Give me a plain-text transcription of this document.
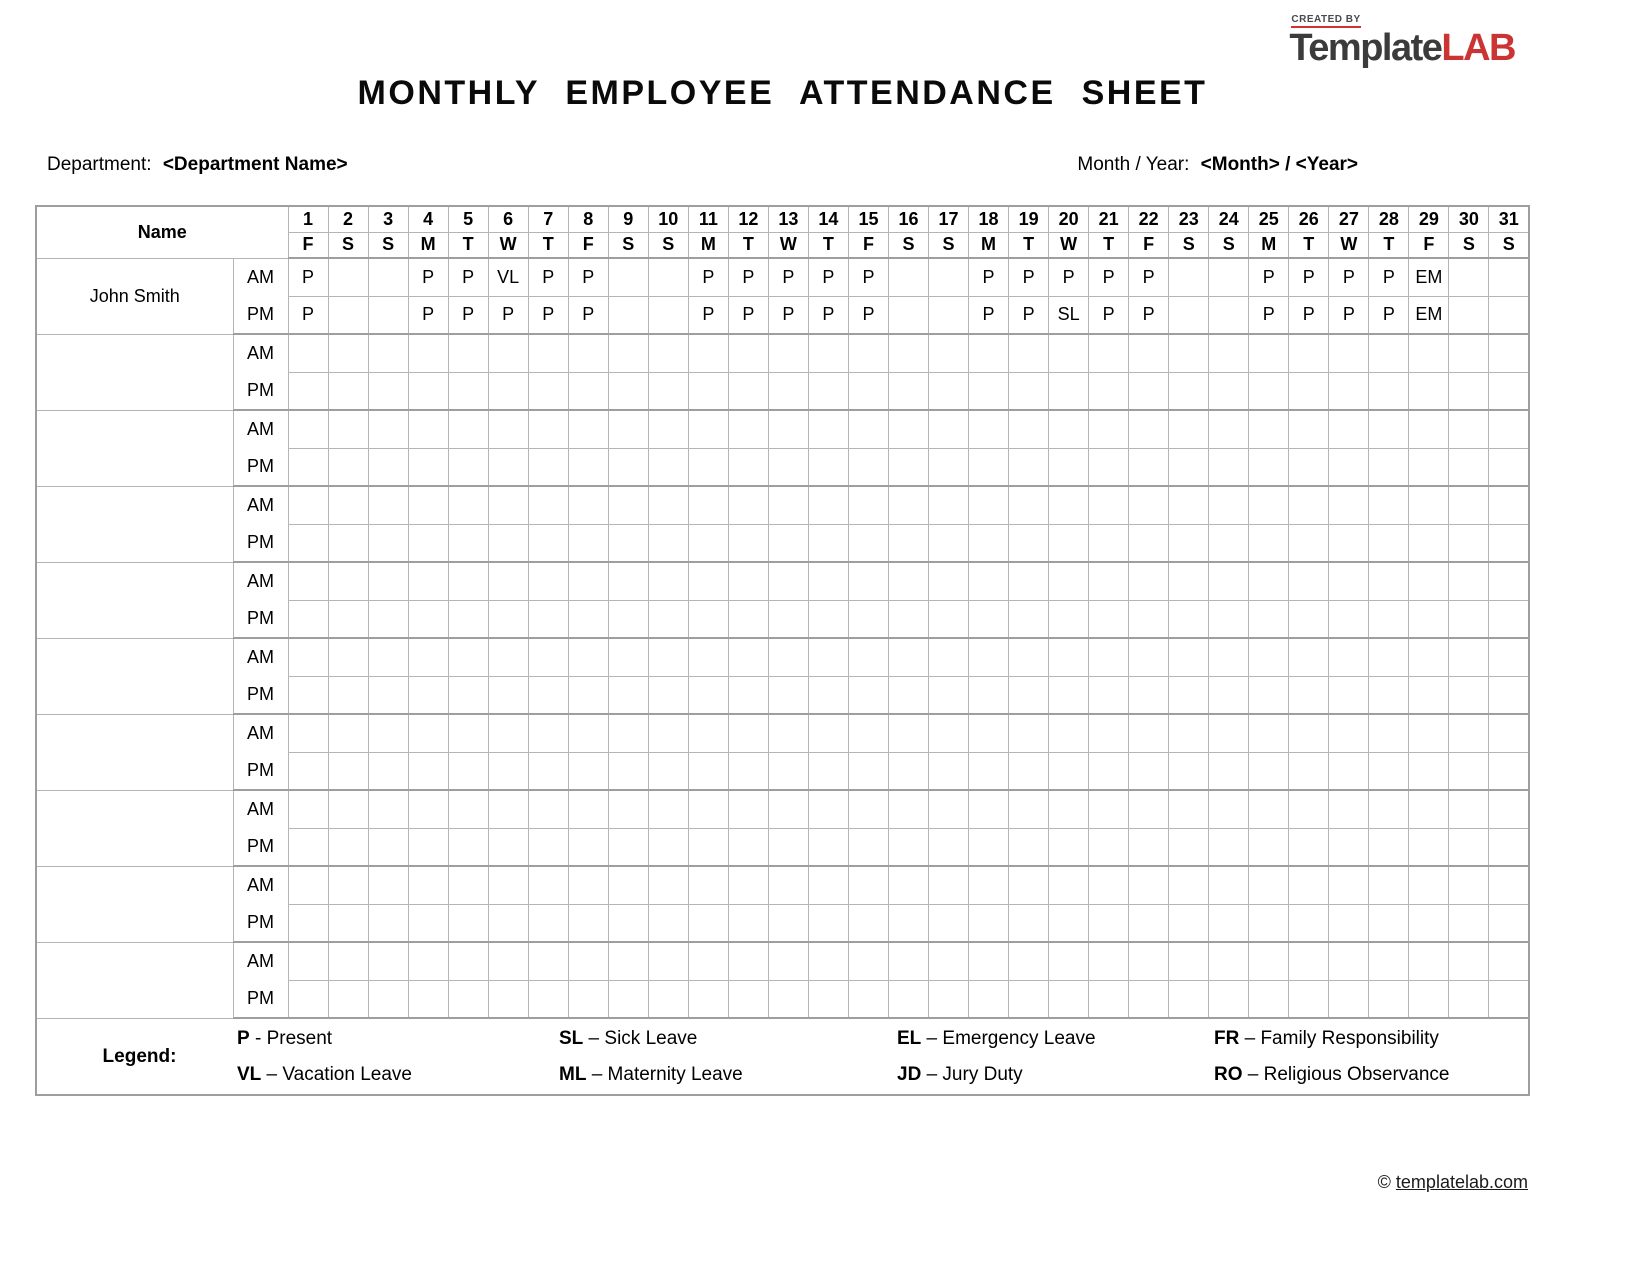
CREATED BY
TemplateLAB
MONTHLY EMPLOYEE ATTENDANCE SHEET
Department: <Department Name>	Month / Year: <Month> / <Year>
Name		1	2	3	4	5	6	7	8	9	10	11	12	13	14	15	16	17	18	19	20	21	22	23	24	25	26	27	28	29	30	31
		F	S	S	M	T	W	T	F	S	S	M	T	W	T	F	S	S	M	T	W	T	F	S	S	M	T	W	T	F	S	S
John Smith	AM	P			P	P	VL	P	P			P	P	P	P	P			P	P	P	P	P			P	P	P	P	EM		
	PM	P			P	P	P	P	P			P	P	P	P	P			P	P	SL	P	P			P	P	P	P	EM		
	AM																															
	PM																															
	AM																															
	PM																															
	AM																															
	PM																															
	AM																															
	PM																															
	AM																															
	PM																															
	AM																															
	PM																															
	AM																															
	PM																															
	AM																															
	PM																															
	AM																															
	PM																															

Legend:
P - Present	SL – Sick Leave	EL – Emergency Leave	FR – Family Responsibility
VL – Vacation Leave	ML – Maternity Leave	JD – Jury Duty	RO – Religious Observance
© templatelab.com
